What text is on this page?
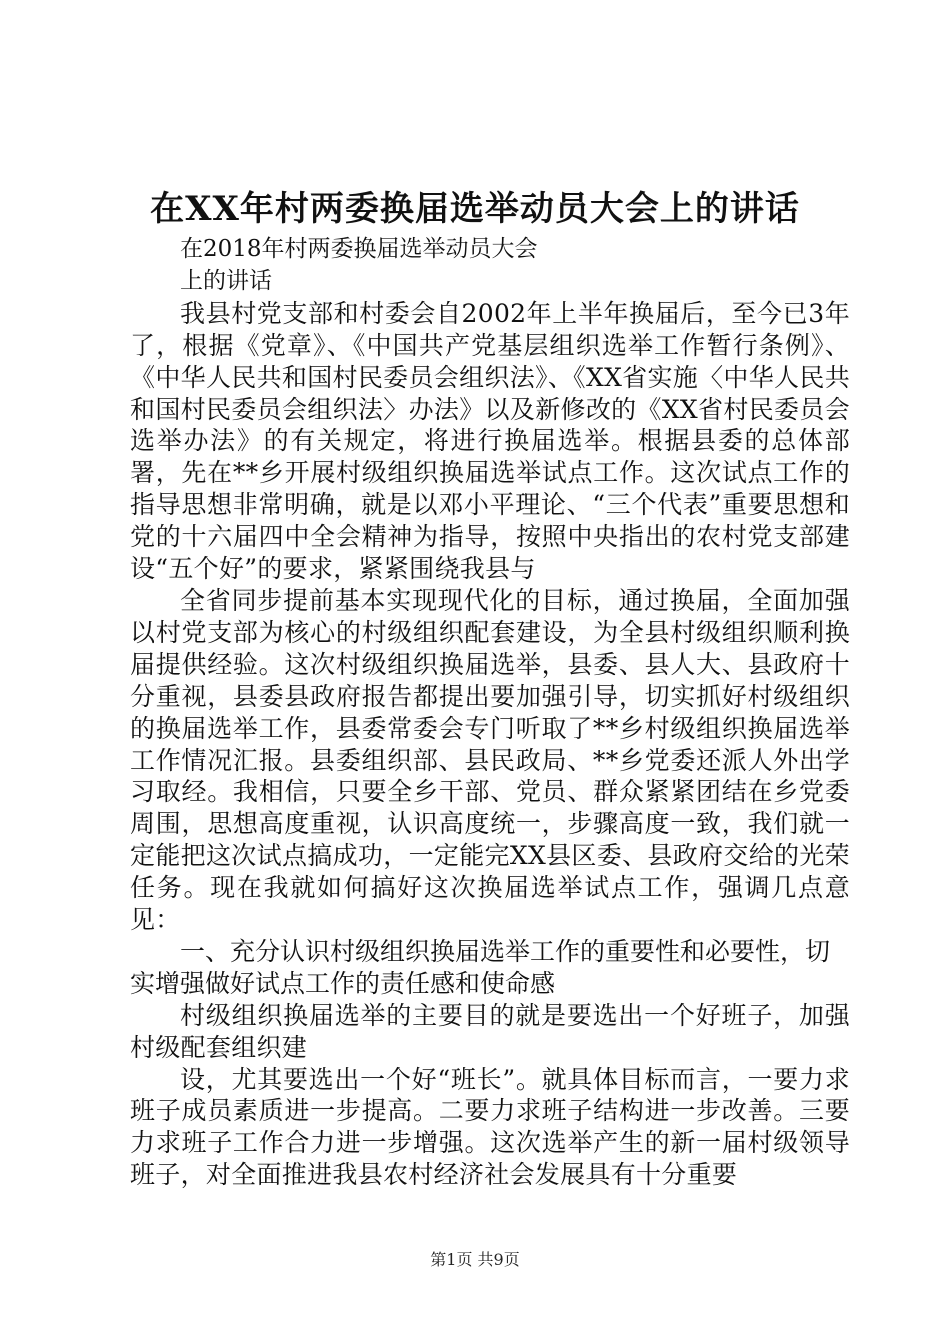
在XX年村两委换届选举动员大会上的讲话

在2018年村两委换届选举动员大会

上的讲话

我县村党支部和村委会自2002年上半年换届后，至今已3年了，根据《党章》、《中国共产党基层组织选举工作暂行条例》、《中华人民共和国村民委员会组织法》、《XX省实施〈中华人民共和国村民委员会组织法〉办法》以及新修改的《XX省村民委员会选举办法》的有关规定，将进行换届选举。根据县委的总体部署，先在**乡开展村级组织换届选举试点工作。这次试点工作的指导思想非常明确，就是以邓小平理论、“三个代表”重要思想和党的十六届四中全会精神为指导，按照中央指出的农村党支部建设“五个好”的要求，紧紧围绕我县与

全省同步提前基本实现现代化的目标，通过换届，全面加强以村党支部为核心的村级组织配套建设，为全县村级组织顺利换届提供经验。这次村级组织换届选举，县委、县人大、县政府十分重视，县委县政府报告都提出要加强引导，切实抓好村级组织的换届选举工作，县委常委会专门听取了**乡村级组织换届选举工作情况汇报。县委组织部、县民政局、**乡党委还派人外出学习取经。我相信，只要全乡干部、党员、群众紧紧团结在乡党委周围，思想高度重视，认识高度统一，步骤高度一致，我们就一定能把这次试点搞成功，一定能完XX县区委、县政府交给的光荣任务。现在我就如何搞好这次换届选举试点工作，强调几点意见：

一、充分认识村级组织换届选举工作的重要性和必要性，切实增强做好试点工作的责任感和使命感

村级组织换届选举的主要目的就是要选出一个好班子，加强村级配套组织建

设，尤其要选出一个好“班长”。就具体目标而言，一要力求班子成员素质进一步提高。二要力求班子结构进一步改善。三要力求班子工作合力进一步增强。这次选举产生的新一届村级领导班子，对全面推进我县农村经济社会发展具有十分重要

第1页 共9页
